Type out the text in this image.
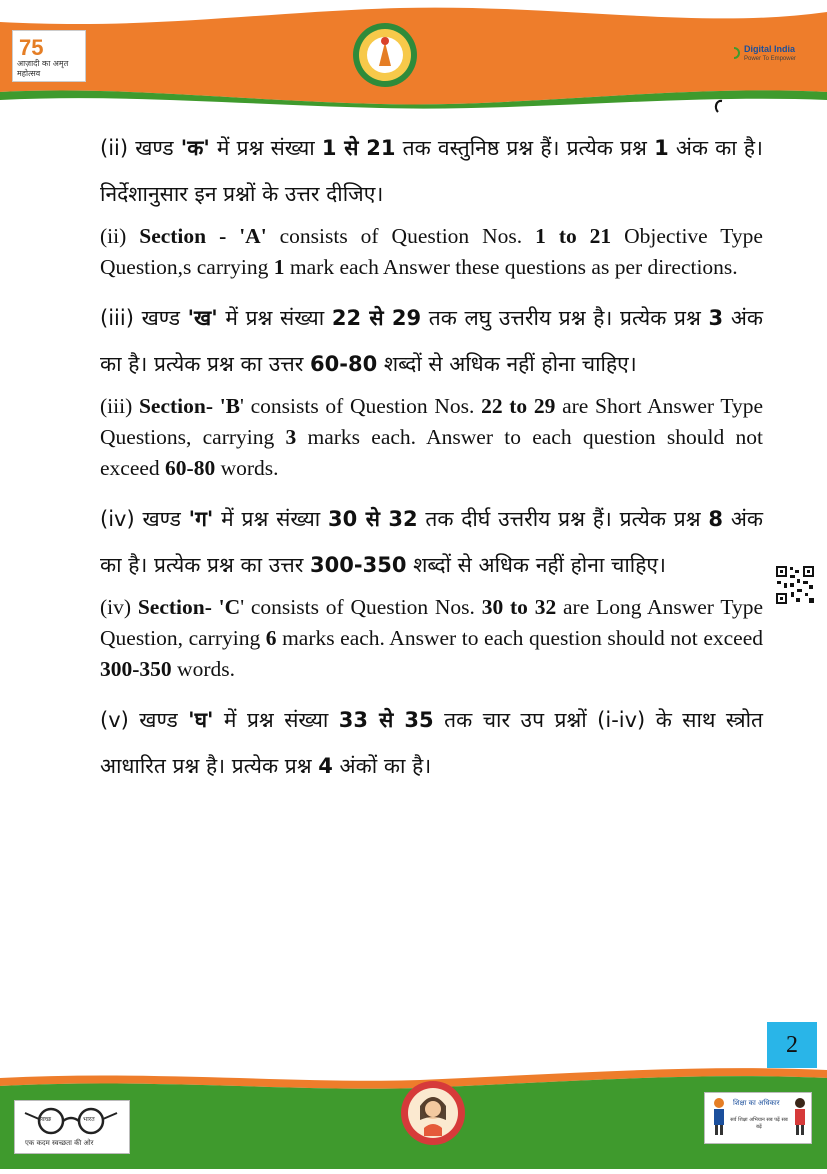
75
आज़ादी का अमृत महोत्सव
Digital India
Power To Empower

(ii) खण्ड 'क' में प्रश्न संख्या 1 से 21 तक वस्तुनिष्ठ प्रश्न हैं। प्रत्येक प्रश्न 1 अंक का है। निर्देशानुसार इन प्रश्नों के उत्तर दीजिए।

(ii) Section - 'A' consists of Question Nos. 1 to 21 Objective Type Question,s carrying 1 mark each Answer these questions as per directions.

(iii) खण्ड 'ख' में प्रश्न संख्या 22 से 29 तक लघु उत्तरीय प्रश्न है। प्रत्येक प्रश्न 3 अंक का है। प्रत्येक प्रश्न का उत्तर 60-80 शब्दों से अधिक नहीं होना चाहिए।

(iii) Section- 'B' consists of Question Nos. 22 to 29 are Short Answer Type Questions, carrying 3 marks each. Answer to each question should not exceed 60-80 words.

(iv) खण्ड 'ग' में प्रश्न संख्या 30 से 32 तक दीर्घ उत्तरीय प्रश्न हैं। प्रत्येक प्रश्न 8 अंक का है। प्रत्येक प्रश्न का उत्तर 300-350 शब्दों से अधिक नहीं होना चाहिए।

(iv) Section- 'C' consists of Question Nos. 30 to 32 are Long Answer Type Question, carrying 6 marks each. Answer to each question should not exceed 300-350 words.

(v) खण्ड 'घ' में प्रश्न संख्या 33 से 35 तक चार उप प्रश्नों (i-iv) के साथ स्त्रोत आधारित प्रश्न है। प्रत्येक प्रश्न 4 अंकों का है।

2
स्वच्छ	भारत
एक कदम स्वच्छता की ओर
शिक्षा का अधिकार
सर्व शिक्षा अभियान सब पढ़ें सब बढ़ें
